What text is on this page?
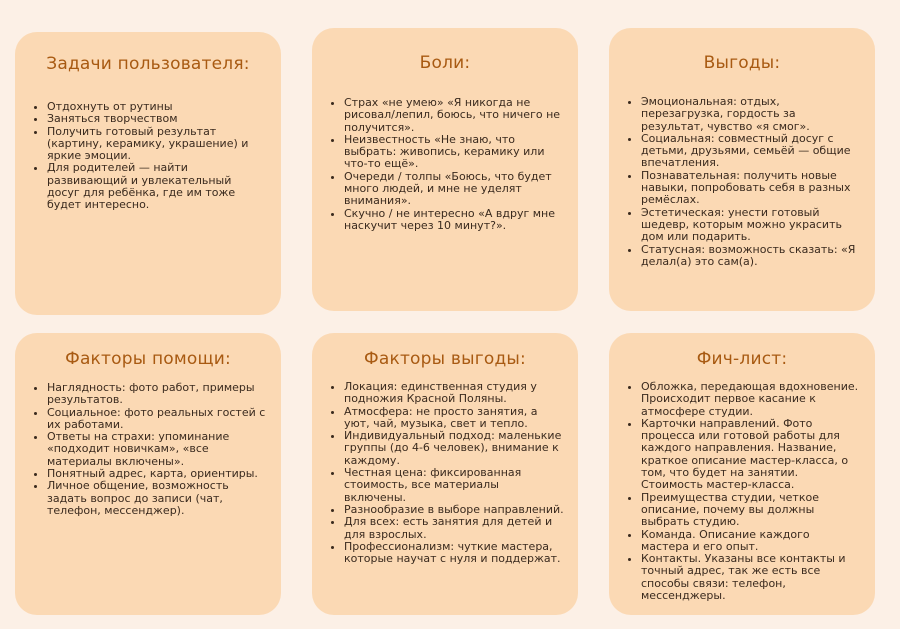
Задачи пользователя:
• Отдохнуть от рутины
• Заняться творчеством
• Получить готовый результат (картину, керамику, украшение) и яркие эмоции.
• Для родителей — найти развивающий и увлекательный досуг для ребёнка, где им тоже будет интересно.
Боли:
• Страх «не умею» «Я никогда не рисовал/лепил, боюсь, что ничего не получится».
• Неизвестность «Не знаю, что выбрать: живопись, керамику или что-то ещё».
• Очереди / толпы «Боюсь, что будет много людей, и мне не уделят внимания».
• Скучно / не интересно «А вдруг мне наскучит через 10 минут?».
Выгоды:
• Эмоциональная: отдых, перезагрузка, гордость за результат, чувство «я смог».
• Социальная: совместный досуг с детьми, друзьями, семьёй — общие впечатления.
• Познавательная: получить новые навыки, попробовать себя в разных ремёслах.
• Эстетическая: унести готовый шедевр, которым можно украсить дом или подарить.
• Статусная: возможность сказать: «Я делал(а) это сам(а).
Факторы помощи:
• Наглядность: фото работ, примеры результатов.
• Социальное: фото реальных гостей с их работами.
• Ответы на страхи: упоминание «подходит новичкам», «все материалы включены».
• Понятный адрес, карта, ориентиры.
• Личное общение, возможность задать вопрос до записи (чат, телефон, мессенджер).
Факторы выгоды:
• Локация: единственная студия у подножия Красной Поляны.
• Атмосфера: не просто занятия, а уют, чай, музыка, свет и тепло.
• Индивидуальный подход: маленькие группы (до 4-6 человек), внимание к каждому.
• Честная цена: фиксированная стоимость, все материалы включены.
• Разнообразие в выборе направлений.
• Для всех: есть занятия для детей и для взрослых.
• Профессионализм: чуткие мастера, которые научат с нуля и поддержат.
Фич-лист:
• Обложка, передающая вдохновение. Происходит первое касание к атмосфере студии.
• Карточки направлений. Фото процесса или готовой работы для каждого направления. Название, краткое описание мастер-класса, о том, что будет на занятии. Стоимость мастер-класса.
• Преимущества студии, четкое описание, почему вы должны выбрать студию.
• Команда. Описание каждого мастера и его опыт.
• Контакты. Указаны все контакты и точный адрес, так же есть все способы связи: телефон, мессенджеры.
